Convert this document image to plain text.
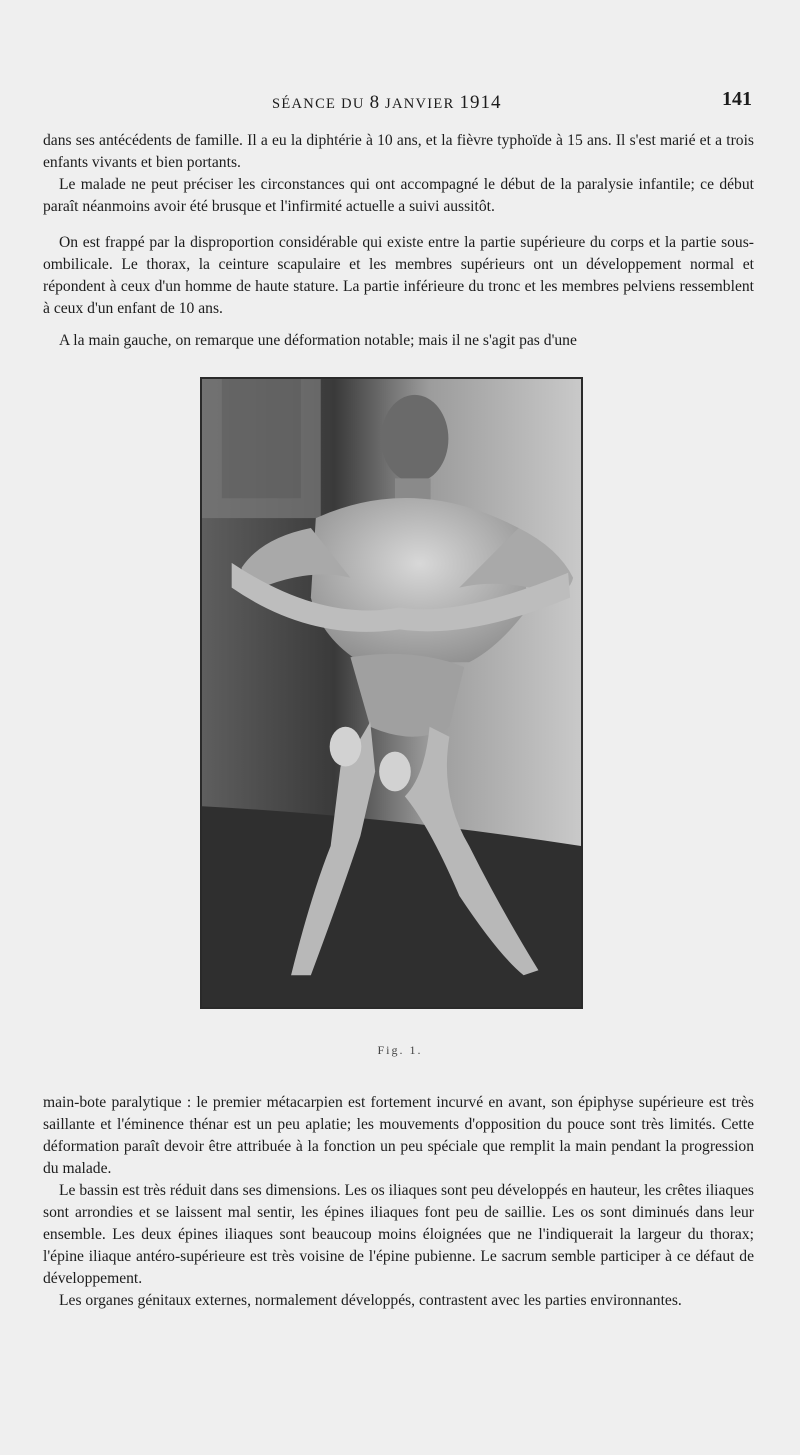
SÉANCE DU 8 JANVIER 1914	141

dans ses antécédents de famille. Il a eu la diphtérie à 10 ans, et la fièvre typhoïde à 15 ans. Il s'est marié et a trois enfants vivants et bien portants.

Le malade ne peut préciser les circonstances qui ont accompagné le début de la paralysie infantile; ce début paraît néanmoins avoir été brusque et l'infirmité actuelle a suivi aussitôt.

On est frappé par la disproportion considérable qui existe entre la partie supérieure du corps et la partie sous-ombilicale. Le thorax, la ceinture scapulaire et les membres supérieurs ont un développement normal et répondent à ceux d'un homme de haute stature. La partie inférieure du tronc et les membres pelviens ressemblent à ceux d'un enfant de 10 ans.

A la main gauche, on remarque une déformation notable; mais il ne s'agit pas d'une

Fig. 1.

main-bote paralytique : le premier métacarpien est fortement incurvé en avant, son épiphyse supérieure est très saillante et l'éminence thénar est un peu aplatie; les mouvements d'opposition du pouce sont très limités. Cette déformation paraît devoir être attribuée à la fonction un peu spéciale que remplit la main pendant la progression du malade.

Le bassin est très réduit dans ses dimensions. Les os iliaques sont peu développés en hauteur, les crêtes iliaques sont arrondies et se laissent mal sentir, les épines iliaques font peu de saillie. Les os sont diminués dans leur ensemble. Les deux épines iliaques sont beaucoup moins éloignées que ne l'indiquerait la largeur du thorax; l'épine iliaque antéro-supérieure est très voisine de l'épine pubienne. Le sacrum semble participer à ce défaut de développement.

Les organes génitaux externes, normalement développés, contrastent avec les parties environnantes.
